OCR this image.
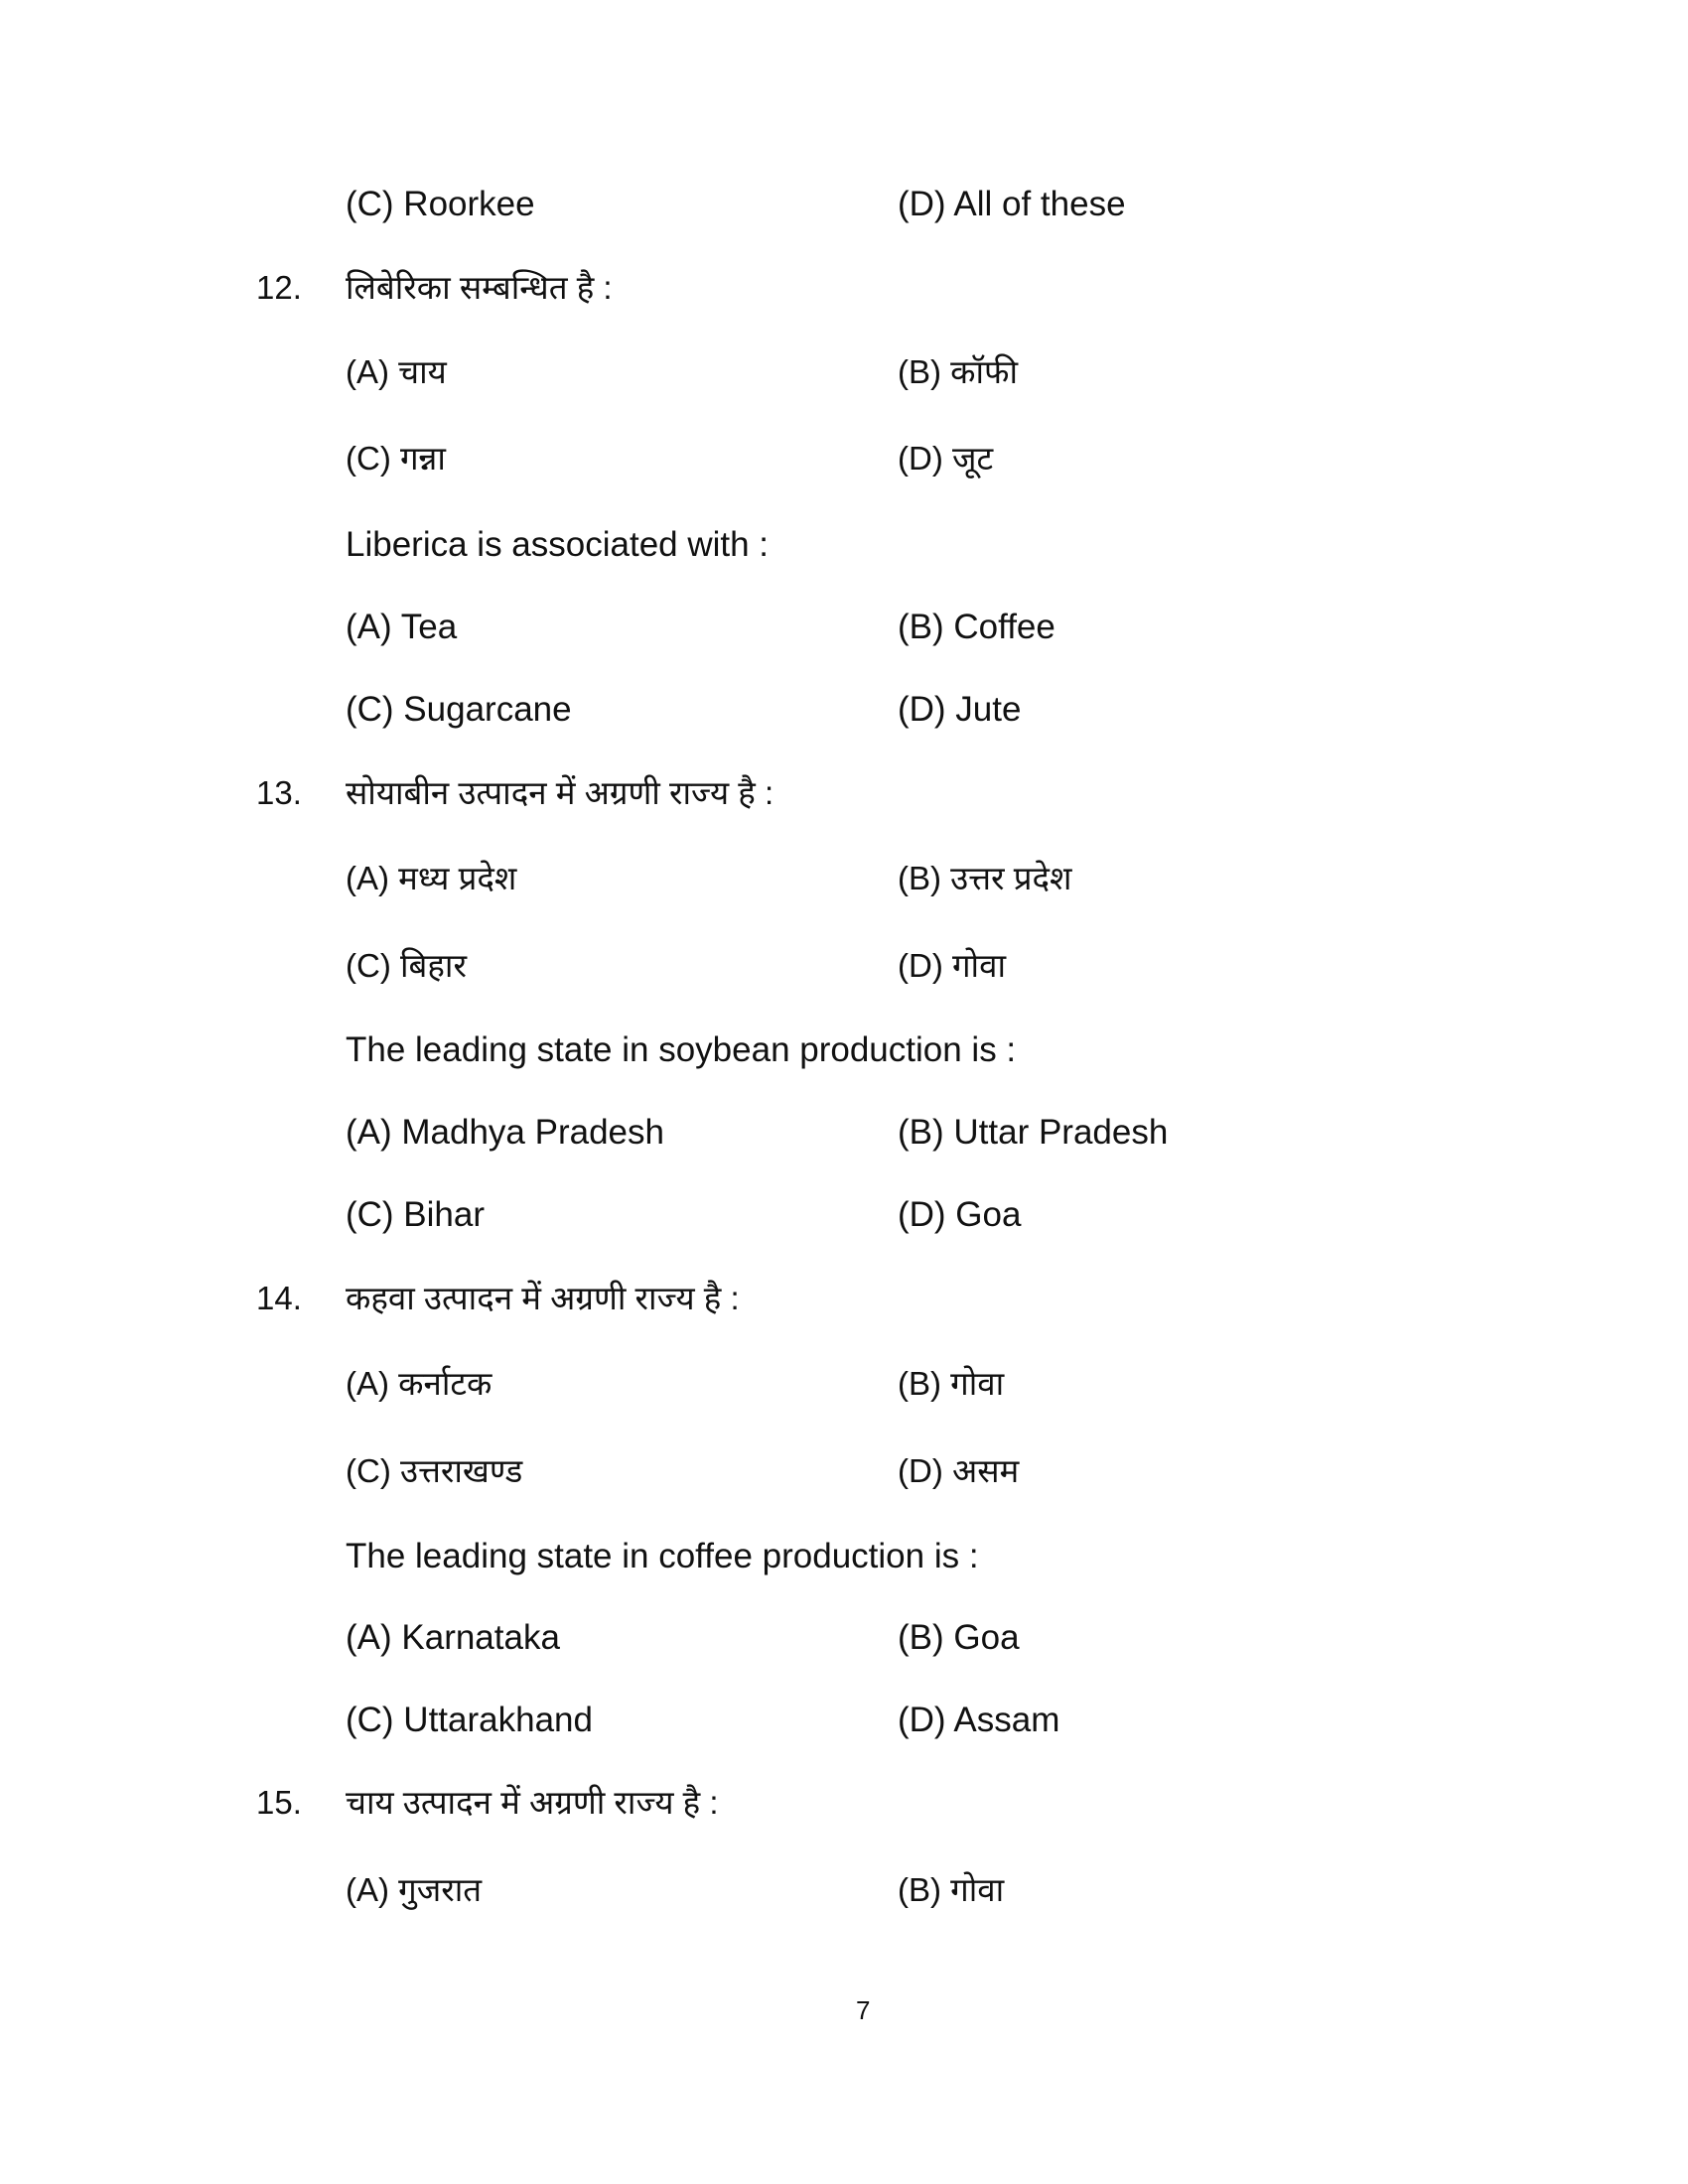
(C) Roorkee	(D) All of these
12. लिबेरिका सम्बन्धित है :
(A) चाय	(B) कॉफी
(C) गन्ना	(D) जूट
Liberica is associated with :
(A) Tea	(B) Coffee
(C) Sugarcane	(D) Jute
13. सोयाबीन उत्पादन में अग्रणी राज्य है :
(A) मध्य प्रदेश	(B) उत्तर प्रदेश
(C) बिहार	(D) गोवा
The leading state in soybean production is :
(A) Madhya Pradesh	(B) Uttar Pradesh
(C) Bihar	(D) Goa
14. कहवा उत्पादन में अग्रणी राज्य है :
(A) कर्नाटक	(B) गोवा
(C) उत्तराखण्ड	(D) असम
The leading state in coffee production is :
(A) Karnataka	(B) Goa
(C) Uttarakhand	(D) Assam
15. चाय उत्पादन में अग्रणी राज्य है :
(A) गुजरात	(B) गोवा
7
